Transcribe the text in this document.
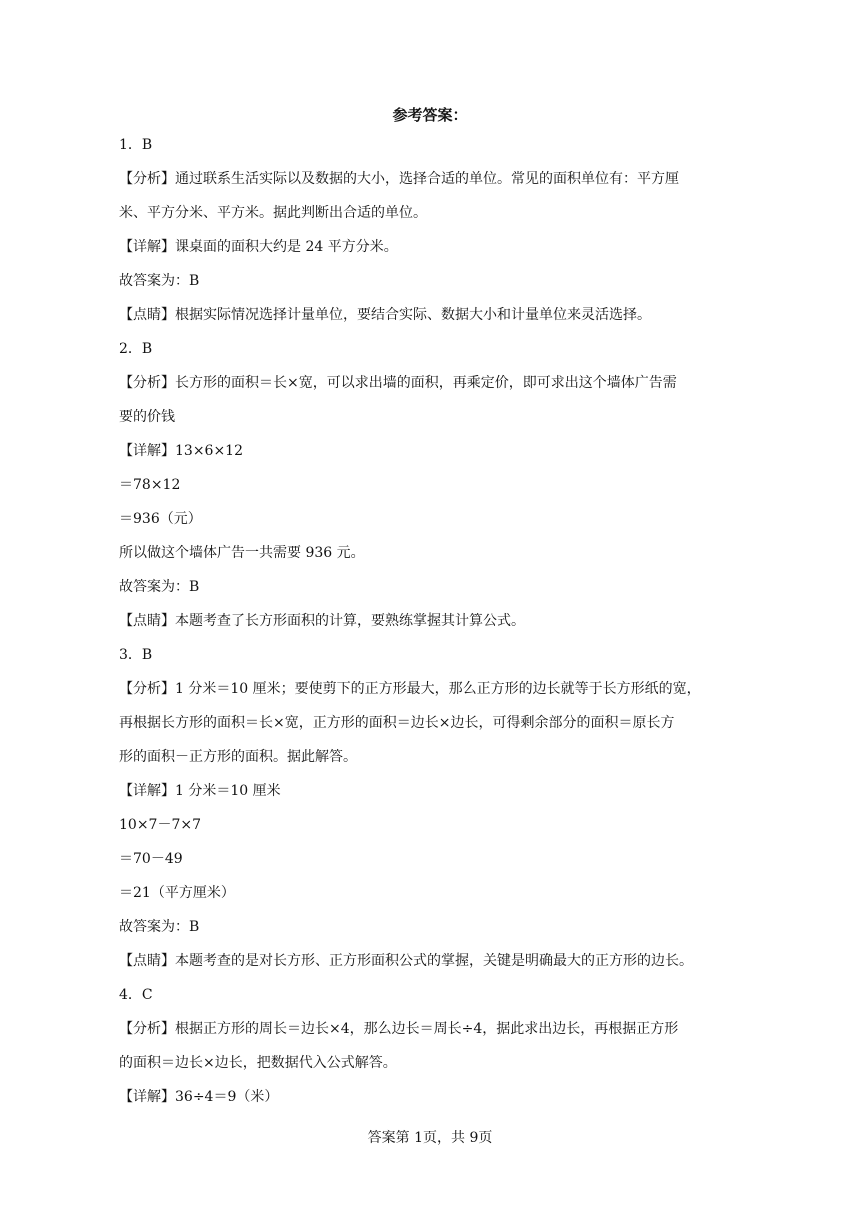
参考答案：

1．B

【分析】通过联系生活实际以及数据的大小，选择合适的单位。常见的面积单位有：平方厘

米、平方分米、平方米。据此判断出合适的单位。

【详解】课桌面的面积大约是 24 平方分米。

故答案为：B

【点睛】根据实际情况选择计量单位，要结合实际、数据大小和计量单位来灵活选择。

2．B

【分析】长方形的面积＝长×宽，可以求出墙的面积，再乘定价，即可求出这个墙体广告需

要的价钱

【详解】13×6×12

＝78×12

＝936（元）

所以做这个墙体广告一共需要 936 元。

故答案为：B

【点睛】本题考查了长方形面积的计算，要熟练掌握其计算公式。

3．B

【分析】1 分米＝10 厘米；要使剪下的正方形最大，那么正方形的边长就等于长方形纸的宽，

再根据长方形的面积＝长×宽，正方形的面积＝边长×边长，可得剩余部分的面积＝原长方

形的面积－正方形的面积。据此解答。

【详解】1 分米＝10 厘米

10×7－7×7

＝70－49

＝21（平方厘米）

故答案为：B

【点睛】本题考查的是对长方形、正方形面积公式的掌握，关键是明确最大的正方形的边长。

4．C

【分析】根据正方形的周长＝边长×4，那么边长＝周长÷4，据此求出边长，再根据正方形

的面积＝边长×边长，把数据代入公式解答。

【详解】36÷4＝9（米）

答案第 1页，共 9页
